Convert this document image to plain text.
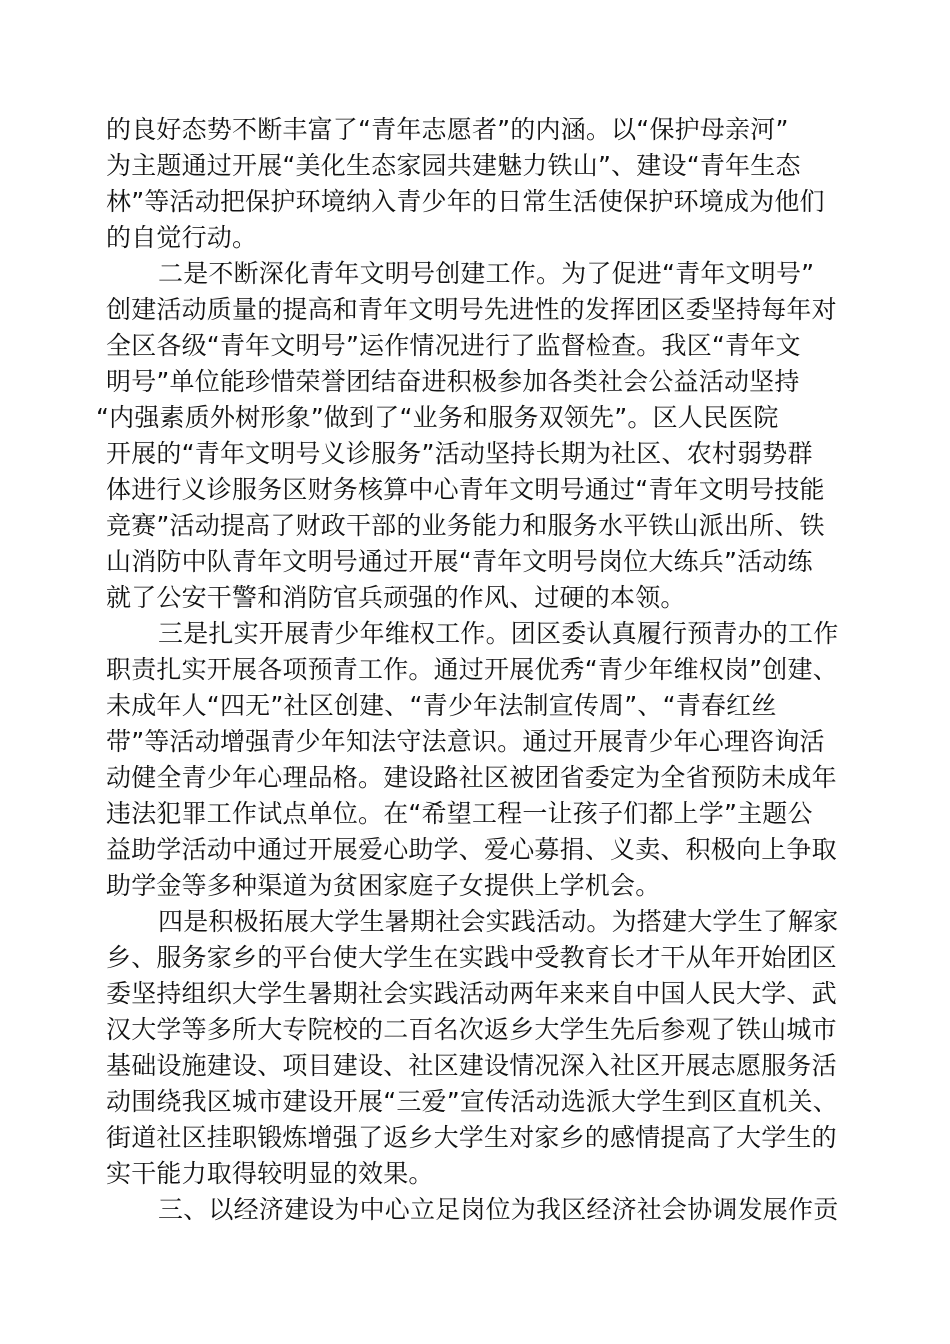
的良好态势不断丰富了“青年志愿者”的内涵。以“保护母亲河”
为主题通过开展“美化生态家园共建魅力铁山”、建设“青年生态
林”等活动把保护环境纳入青少年的日常生活使保护环境成为他们
的自觉行动。
二是不断深化青年文明号创建工作。为了促进“青年文明号”
创建活动质量的提高和青年文明号先进性的发挥团区委坚持每年对
全区各级“青年文明号”运作情况进行了监督检查。我区“青年文
明号”单位能珍惜荣誉团结奋进积极参加各类社会公益活动坚持
“内强素质外树形象”做到了“业务和服务双领先”。区人民医院
开展的“青年文明号义诊服务”活动坚持长期为社区、农村弱势群
体进行义诊服务区财务核算中心青年文明号通过“青年文明号技能
竞赛”活动提高了财政干部的业务能力和服务水平铁山派出所、铁
山消防中队青年文明号通过开展“青年文明号岗位大练兵”活动练
就了公安干警和消防官兵顽强的作风、过硬的本领。
三是扎实开展青少年维权工作。团区委认真履行预青办的工作
职责扎实开展各项预青工作。通过开展优秀“青少年维权岗”创建、
未成年人“四无”社区创建、“青少年法制宣传周”、“青春红丝
带”等活动增强青少年知法守法意识。通过开展青少年心理咨询活
动健全青少年心理品格。建设路社区被团省委定为全省预防未成年
违法犯罪工作试点单位。在“希望工程一让孩子们都上学”主题公
益助学活动中通过开展爱心助学、爱心募捐、义卖、积极向上争取
助学金等多种渠道为贫困家庭子女提供上学机会。
四是积极拓展大学生暑期社会实践活动。为搭建大学生了解家
乡、服务家乡的平台使大学生在实践中受教育长才干从年开始团区
委坚持组织大学生暑期社会实践活动两年来来自中国人民大学、武
汉大学等多所大专院校的二百名次返乡大学生先后参观了铁山城市
基础设施建设、项目建设、社区建设情况深入社区开展志愿服务活
动围绕我区城市建设开展“三爱”宣传活动选派大学生到区直机关、
街道社区挂职锻炼增强了返乡大学生对家乡的感情提高了大学生的
实干能力取得较明显的效果。
三、以经济建设为中心立足岗位为我区经济社会协调发展作贡
